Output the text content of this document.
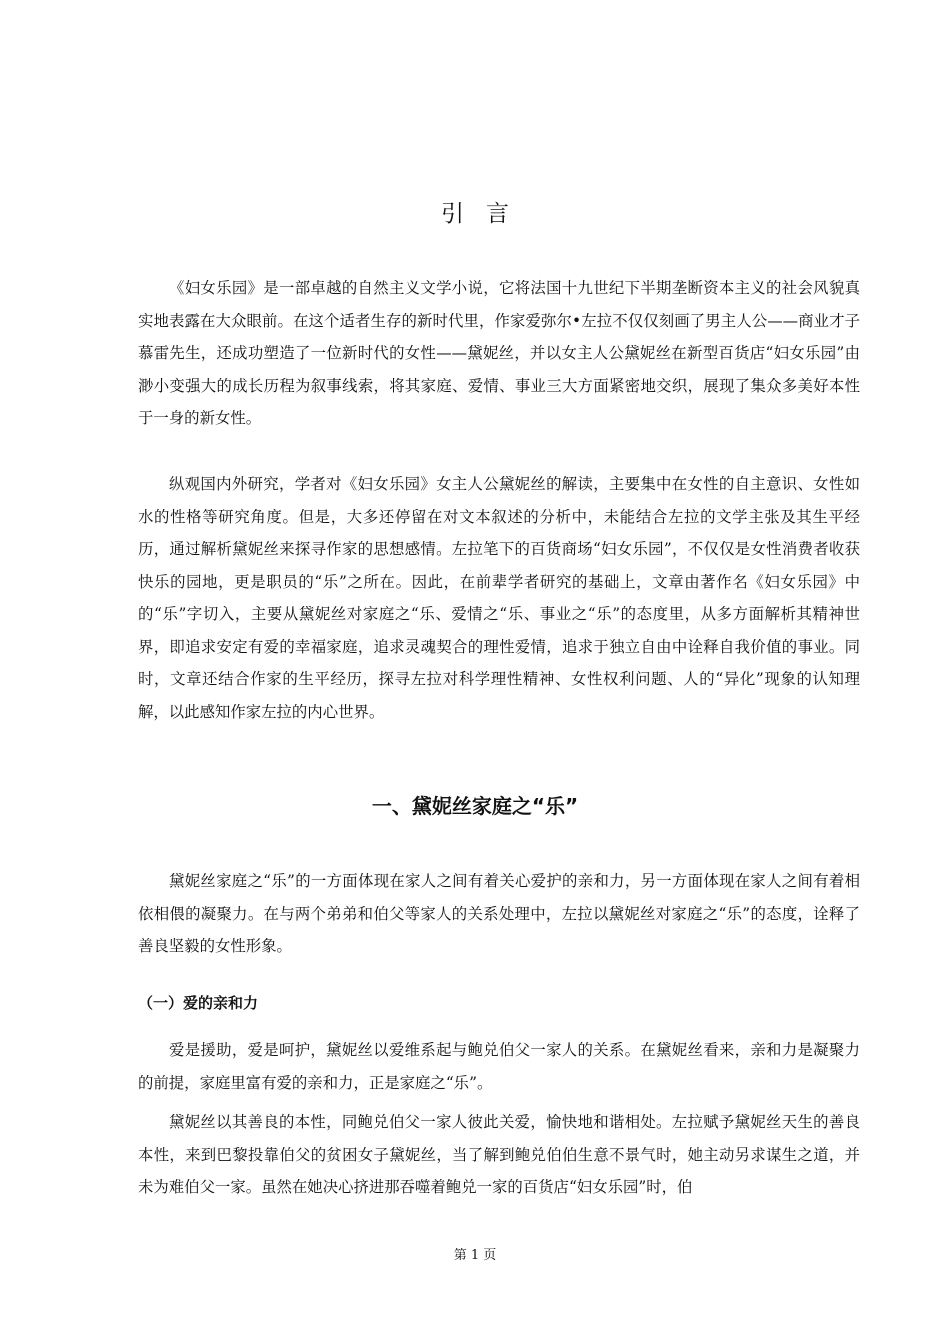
引言

《妇女乐园》是一部卓越的自然主义文学小说，它将法国十九世纪下半期垄断资本主义的社会风貌真实地表露在大众眼前。在这个适者生存的新时代里，作家爱弥尔•左拉不仅仅刻画了男主人公——商业才子慕雷先生，还成功塑造了一位新时代的女性——黛妮丝，并以女主人公黛妮丝在新型百货店“妇女乐园”由渺小变强大的成长历程为叙事线索，将其家庭、爱情、事业三大方面紧密地交织，展现了集众多美好本性于一身的新女性。

纵观国内外研究，学者对《妇女乐园》女主人公黛妮丝的解读，主要集中在女性的自主意识、女性如水的性格等研究角度。但是，大多还停留在对文本叙述的分析中，未能结合左拉的文学主张及其生平经历，通过解析黛妮丝来探寻作家的思想感情。左拉笔下的百货商场“妇女乐园”，不仅仅是女性消费者收获快乐的园地，更是职员的“乐”之所在。因此，在前辈学者研究的基础上，文章由著作名《妇女乐园》中的“乐”字切入，主要从黛妮丝对家庭之“乐、爱情之“乐、事业之“乐”的态度里，从多方面解析其精神世界，即追求安定有爱的幸福家庭，追求灵魂契合的理性爱情，追求于独立自由中诠释自我价值的事业。同时，文章还结合作家的生平经历，探寻左拉对科学理性精神、女性权利问题、人的“异化”现象的认知理解，以此感知作家左拉的内心世界。

一、黛妮丝家庭之“乐”

黛妮丝家庭之“乐”的一方面体现在家人之间有着关心爱护的亲和力，另一方面体现在家人之间有着相依相偎的凝聚力。在与两个弟弟和伯父等家人的关系处理中，左拉以黛妮丝对家庭之“乐”的态度，诠释了善良坚毅的女性形象。

（一）爱的亲和力

爱是援助，爱是呵护，黛妮丝以爱维系起与鲍兑伯父一家人的关系。在黛妮丝看来，亲和力是凝聚力的前提，家庭里富有爱的亲和力，正是家庭之“乐”。

黛妮丝以其善良的本性，同鲍兑伯父一家人彼此关爱，愉快地和谐相处。左拉赋予黛妮丝天生的善良本性，来到巴黎投靠伯父的贫困女子黛妮丝，当了解到鲍兑伯伯生意不景气时，她主动另求谋生之道，并未为难伯父一家。虽然在她决心挤进那吞噬着鲍兑一家的百货店“妇女乐园”时，伯

第 1 页
